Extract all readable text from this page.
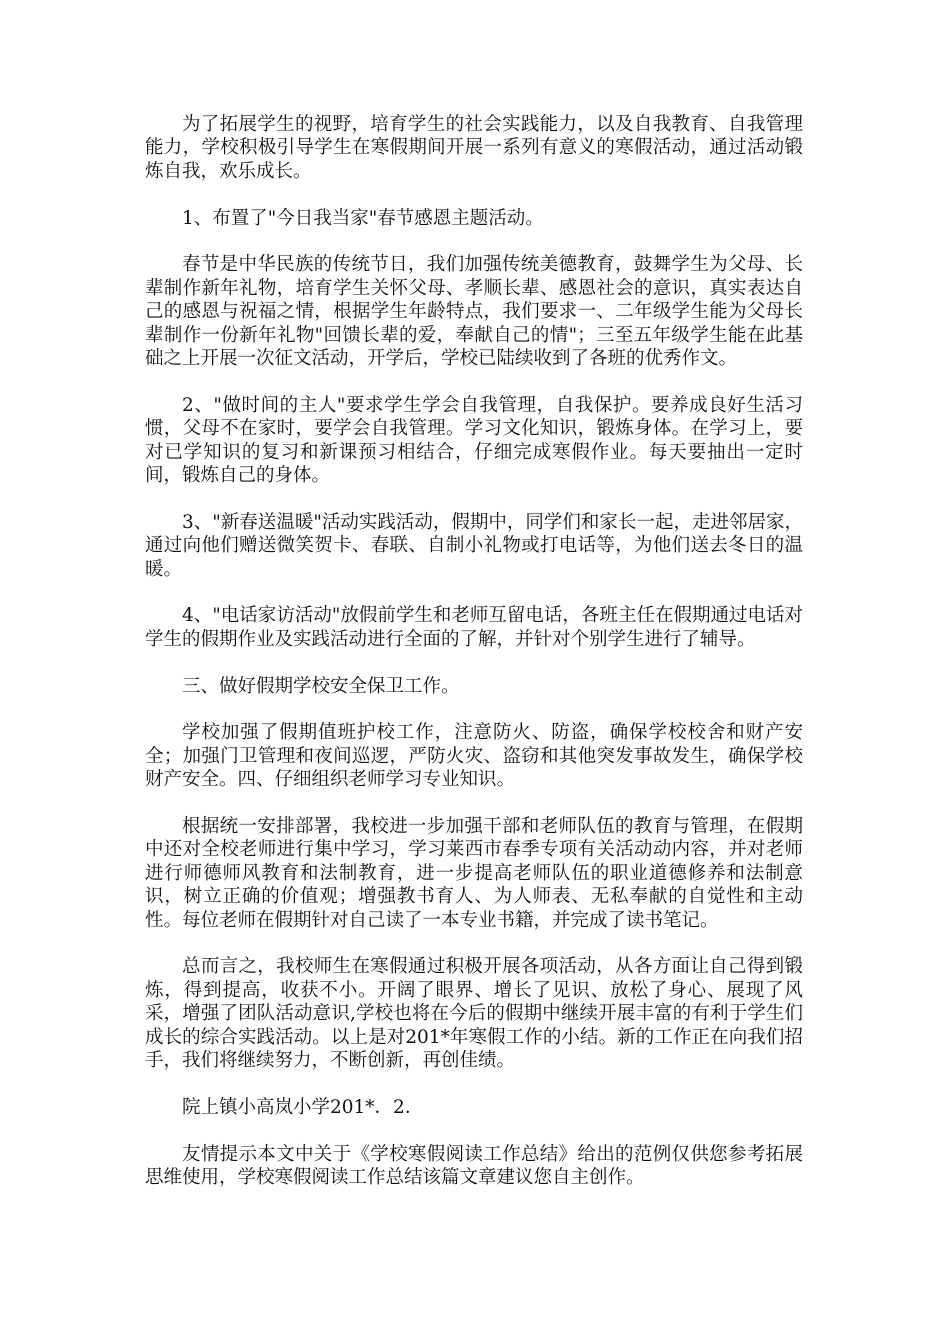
为了拓展学生的视野，培育学生的社会实践能力，以及自我教育、自我管理能力，学校积极引导学生在寒假期间开展一系列有意义的寒假活动，通过活动锻炼自我，欢乐成长。

1、布置了"今日我当家"春节感恩主题活动。

春节是中华民族的传统节日，我们加强传统美德教育，鼓舞学生为父母、长辈制作新年礼物，培育学生关怀父母、孝顺长辈、感恩社会的意识，真实表达自己的感恩与祝福之情，根据学生年龄特点，我们要求一、二年级学生能为父母长辈制作一份新年礼物"回馈长辈的爱，奉献自己的情"；三至五年级学生能在此基础之上开展一次征文活动，开学后，学校已陆续收到了各班的优秀作文。

2、"做时间的主人"要求学生学会自我管理，自我保护。要养成良好生活习惯，父母不在家时，要学会自我管理。学习文化知识，锻炼身体。在学习上，要对已学知识的复习和新课预习相结合，仔细完成寒假作业。每天要抽出一定时间，锻炼自己的身体。

3、"新春送温暖"活动实践活动，假期中，同学们和家长一起，走进邻居家，通过向他们赠送微笑贺卡、春联、自制小礼物或打电话等，为他们送去冬日的温暖。

4、"电话家访活动"放假前学生和老师互留电话，各班主任在假期通过电话对学生的假期作业及实践活动进行全面的了解，并针对个别学生进行了辅导。

三、做好假期学校安全保卫工作。

学校加强了假期值班护校工作，注意防火、防盗，确保学校校舍和财产安全；加强门卫管理和夜间巡逻，严防火灾、盗窃和其他突发事故发生，确保学校财产安全。四、仔细组织老师学习专业知识。

根据统一安排部署，我校进一步加强干部和老师队伍的教育与管理，在假期中还对全校老师进行集中学习，学习莱西市春季专项有关活动动内容，并对老师进行师德师风教育和法制教育，进一步提高老师队伍的职业道德修养和法制意识，树立正确的价值观；增强教书育人、为人师表、无私奉献的自觉性和主动性。每位老师在假期针对自己读了一本专业书籍，并完成了读书笔记。

总而言之，我校师生在寒假通过积极开展各项活动，从各方面让自己得到锻炼，得到提高，收获不小。开阔了眼界、增长了见识、放松了身心、展现了风采，增强了团队活动意识,学校也将在今后的假期中继续开展丰富的有利于学生们成长的综合实践活动。以上是对201*年寒假工作的小结。新的工作正在向我们招手，我们将继续努力，不断创新，再创佳绩。

院上镇小高岚小学201*．2．

友情提示本文中关于《学校寒假阅读工作总结》给出的范例仅供您参考拓展思维使用，学校寒假阅读工作总结该篇文章建议您自主创作。
